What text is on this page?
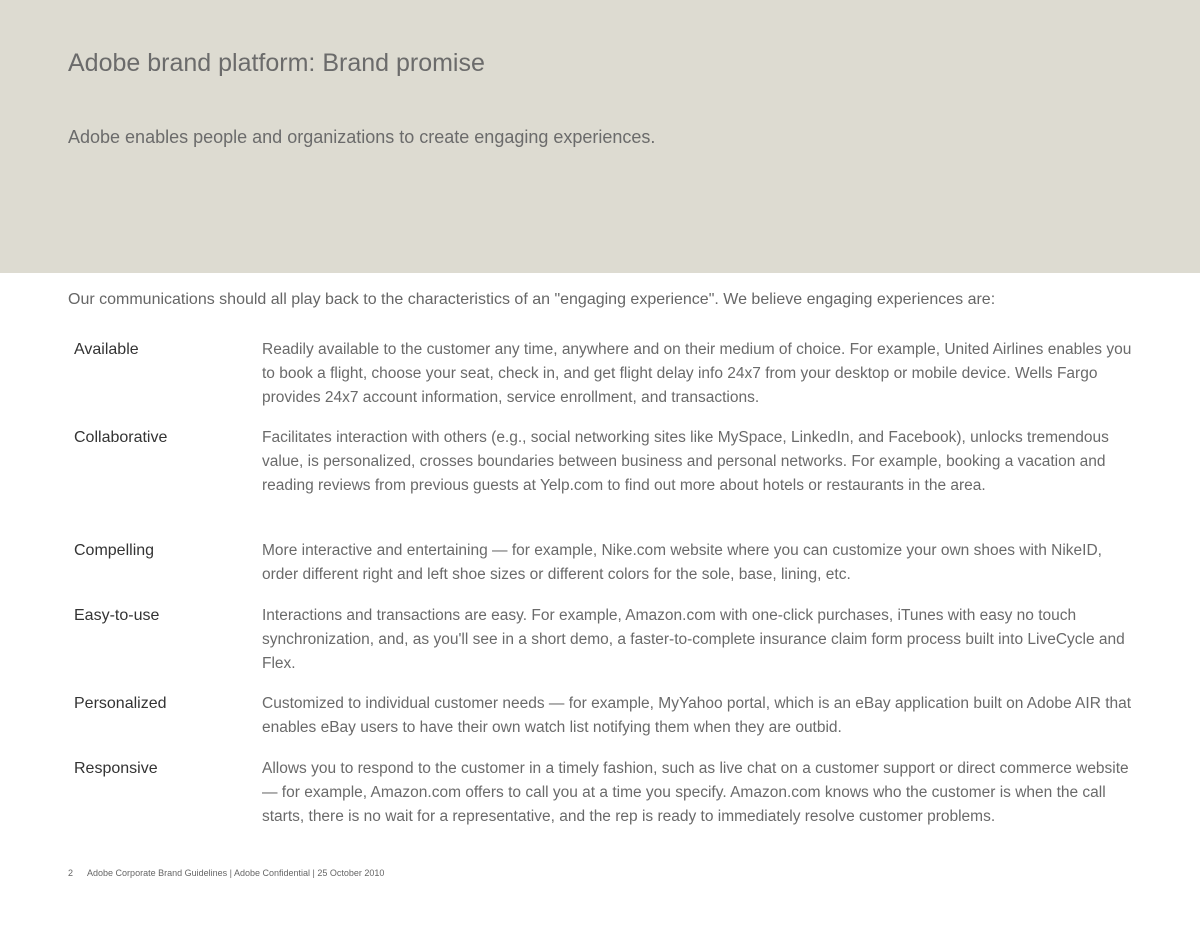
Adobe brand platform: Brand promise

Adobe enables people and organizations to create engaging experiences.

Our communications should all play back to the characteristics of an "engaging experience". We believe engaging experiences are:

Available	Readily available to the customer any time, anywhere and on their medium of choice. For example, United Airlines enables you to book a flight, choose your seat, check in, and get flight delay info 24x7 from your desktop or mobile device. Wells Fargo provides 24x7 account information, service enrollment, and transactions.

Collaborative	Facilitates interaction with others (e.g., social networking sites like MySpace, LinkedIn, and Facebook), unlocks tremendous value, is personalized, crosses boundaries between business and personal networks. For example, booking a vacation and reading reviews from previous guests at Yelp.com to find out more about hotels or restaurants in the area.

Compelling	More interactive and entertaining — for example, Nike.com website where you can customize your own shoes with NikeID, order different right and left shoe sizes or different colors for the sole, base, lining, etc.

Easy-to-use	Interactions and transactions are easy. For example, Amazon.com with one-click purchases, iTunes with easy no touch synchronization, and, as you'll see in a short demo, a faster-to-complete insurance claim form process built into LiveCycle and Flex.

Personalized	Customized to individual customer needs — for example, MyYahoo portal, which is an eBay application built on Adobe AIR that enables eBay users to have their own watch list notifying them when they are outbid.

Responsive	Allows you to respond to the customer in a timely fashion, such as live chat on a customer support or direct commerce website — for example, Amazon.com offers to call you at a time you specify. Amazon.com knows who the customer is when the call starts, there is no wait for a representative, and the rep is ready to immediately resolve customer problems.

2 Adobe Corporate Brand Guidelines | Adobe Confidential | 25 October 2010
